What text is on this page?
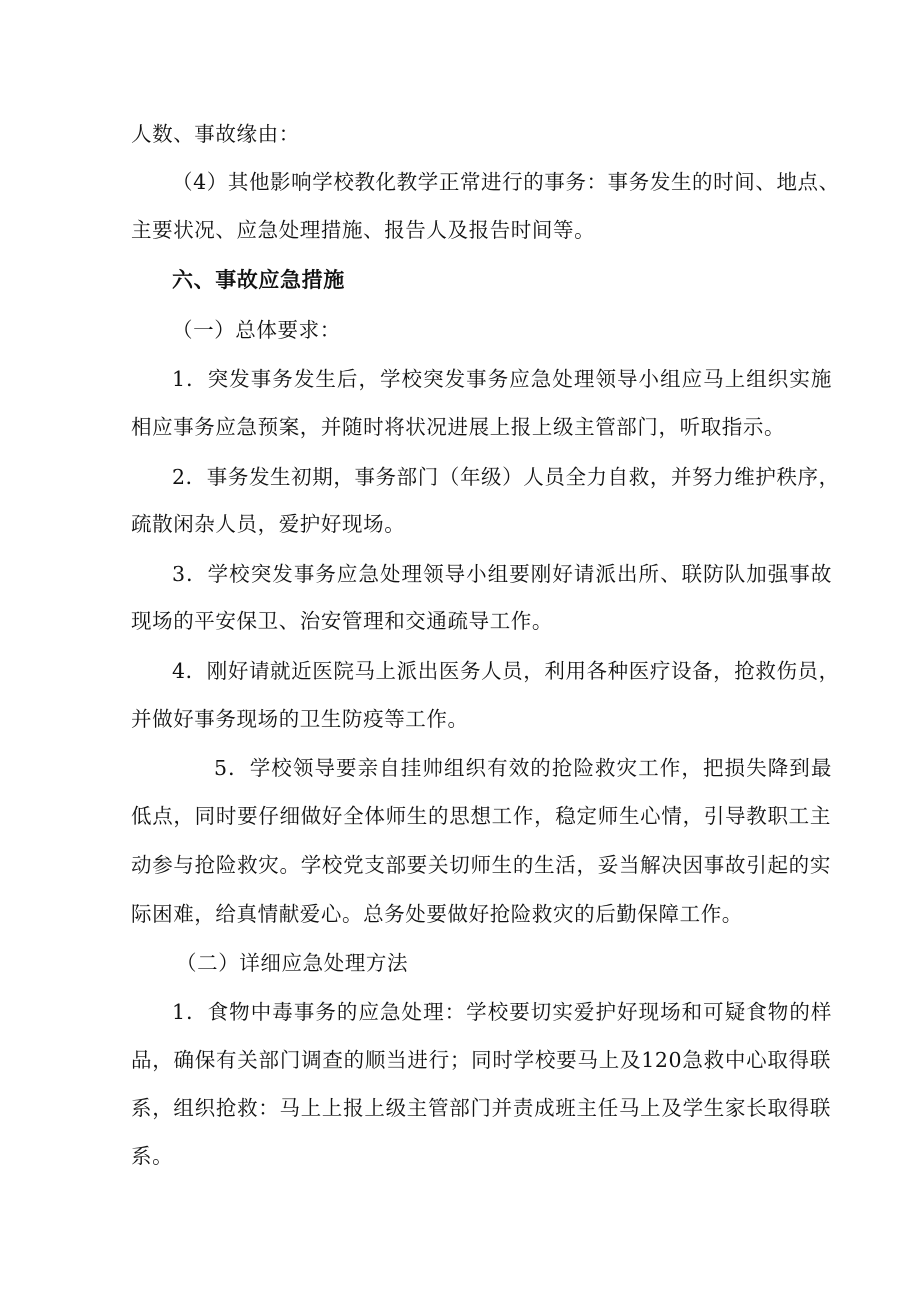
人数、事故缘由：
（4）其他影响学校教化教学正常进行的事务：事务发生的时间、地点、
主要状况、应急处理措施、报告人及报告时间等。
六、事故应急措施
（一）总体要求：
1．突发事务发生后，学校突发事务应急处理领导小组应马上组织实施
相应事务应急预案，并随时将状况进展上报上级主管部门，听取指示。
2．事务发生初期，事务部门（年级）人员全力自救，并努力维护秩序，
疏散闲杂人员，爱护好现场。
3．学校突发事务应急处理领导小组要刚好请派出所、联防队加强事故
现场的平安保卫、治安管理和交通疏导工作。
4．刚好请就近医院马上派出医务人员，利用各种医疗设备，抢救伤员，
并做好事务现场的卫生防疫等工作。
5．学校领导要亲自挂帅组织有效的抢险救灾工作，把损失降到最
低点，同时要仔细做好全体师生的思想工作，稳定师生心情，引导教职工主
动参与抢险救灾。学校党支部要关切师生的生活，妥当解决因事故引起的实
际困难，给真情献爱心。总务处要做好抢险救灾的后勤保障工作。
（二）详细应急处理方法
1．食物中毒事务的应急处理：学校要切实爱护好现场和可疑食物的样
品，确保有关部门调查的顺当进行；同时学校要马上及120急救中心取得联
系，组织抢救：马上上报上级主管部门并责成班主任马上及学生家长取得联
系。
